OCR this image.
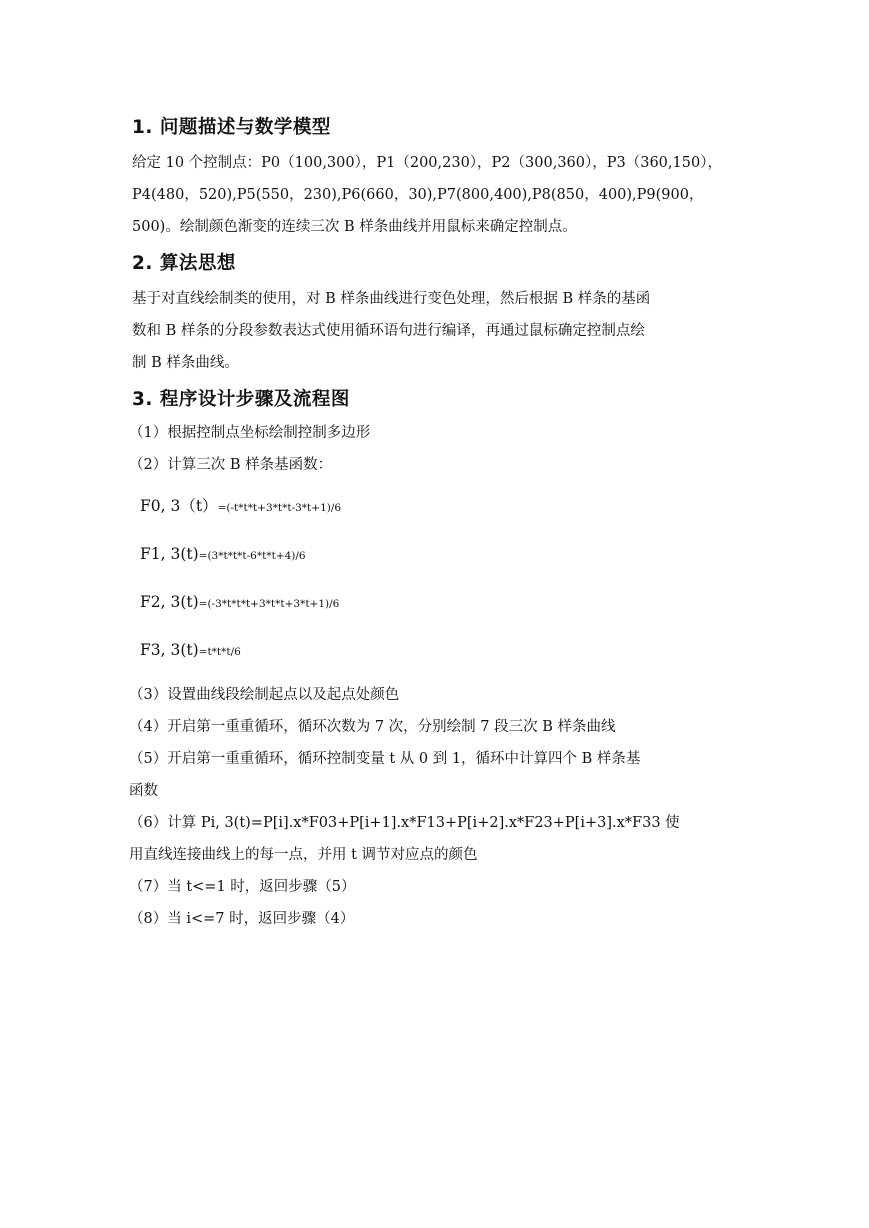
1. 问题描述与数学模型

给定 10 个控制点：P0（100,300），P1（200,230），P2（300,360），P3（360,150），

P4(480，520),P5(550，230),P6(660，30),P7(800,400),P8(850，400),P9(900，

500)。绘制颜色渐变的连续三次 B 样条曲线并用鼠标来确定控制点。

2. 算法思想

基于对直线绘制类的使用，对 B 样条曲线进行变色处理，然后根据 B 样条的基函

数和 B 样条的分段参数表达式使用循环语句进行编译，再通过鼠标确定控制点绘

制 B 样条曲线。

3. 程序设计步骤及流程图
（1）根据控制点坐标绘制控制多边形
（2）计算三次 B 样条基函数：
F0, 3（t）=(-t*t*t+3*t*t-3*t+1)/6
F1, 3(t)=(3*t*t*t-6*t*t+4)/6
F2, 3(t)=(-3*t*t*t+3*t*t+3*t+1)/6
F3, 3(t)=t*t*t/6
（3）设置曲线段绘制起点以及起点处颜色
（4）开启第一重重循环，循环次数为 7 次，分别绘制 7 段三次 B 样条曲线
（5）开启第一重重循环，循环控制变量 t 从 0 到 1，循环中计算四个 B 样条基
函数
（6）计算 Pi, 3(t)=P[i].x*F03+P[i+1].x*F13+P[i+2].x*F23+P[i+3].x*F33 使
用直线连接曲线上的每一点，并用 t 调节对应点的颜色
（7）当 t<=1 时，返回步骤（5）
（8）当 i<=7 时，返回步骤（4）
